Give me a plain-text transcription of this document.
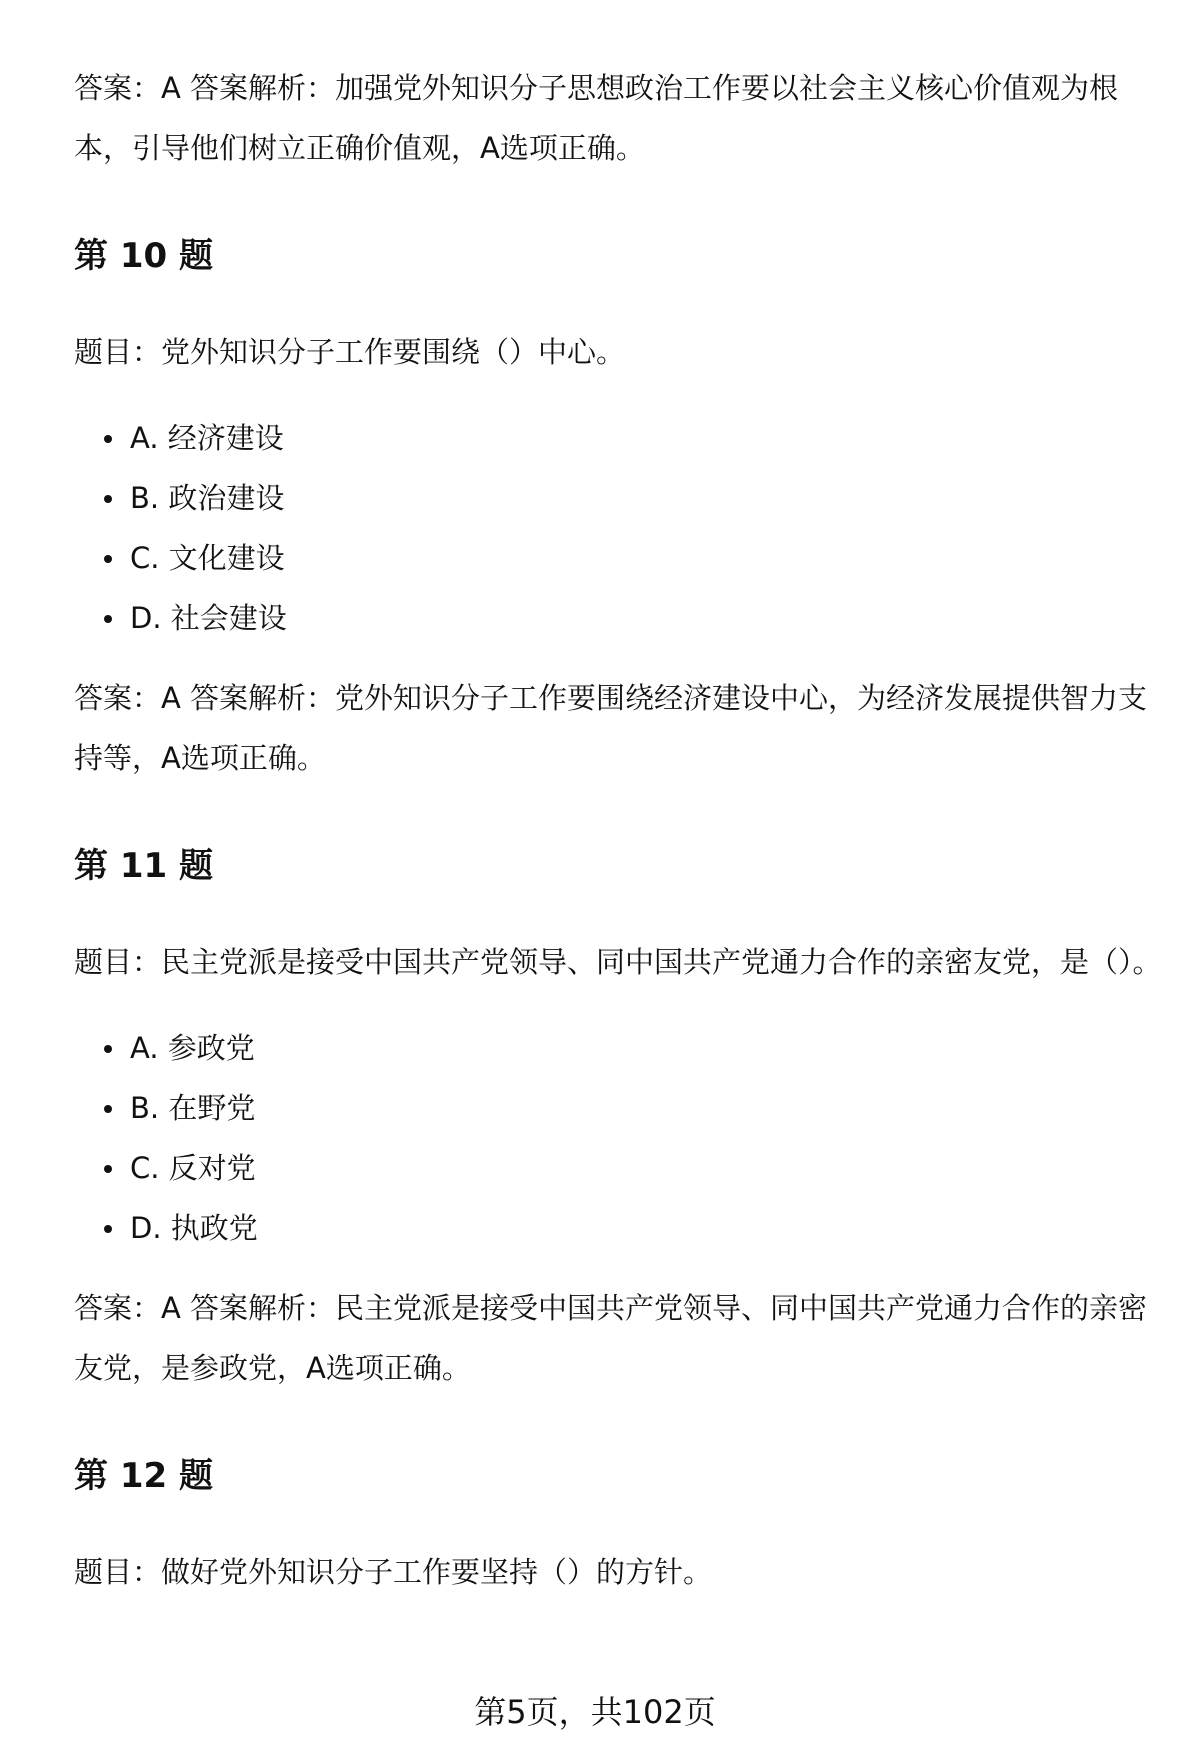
答案：A 答案解析：加强党外知识分子思想政治工作要以社会主义核心价值观为根本，引导他们树立正确价值观，A选项正确。

第 10 题

题目：党外知识分子工作要围绕（）中心。

A. 经济建设
B. 政治建设
C. 文化建设
D. 社会建设

答案：A 答案解析：党外知识分子工作要围绕经济建设中心，为经济发展提供智力支持等，A选项正确。

第 11 题

题目：民主党派是接受中国共产党领导、同中国共产党通力合作的亲密友党，是（）。

A. 参政党
B. 在野党
C. 反对党
D. 执政党

答案：A 答案解析：民主党派是接受中国共产党领导、同中国共产党通力合作的亲密友党，是参政党，A选项正确。

第 12 题

题目：做好党外知识分子工作要坚持（）的方针。

第5页，共102页
